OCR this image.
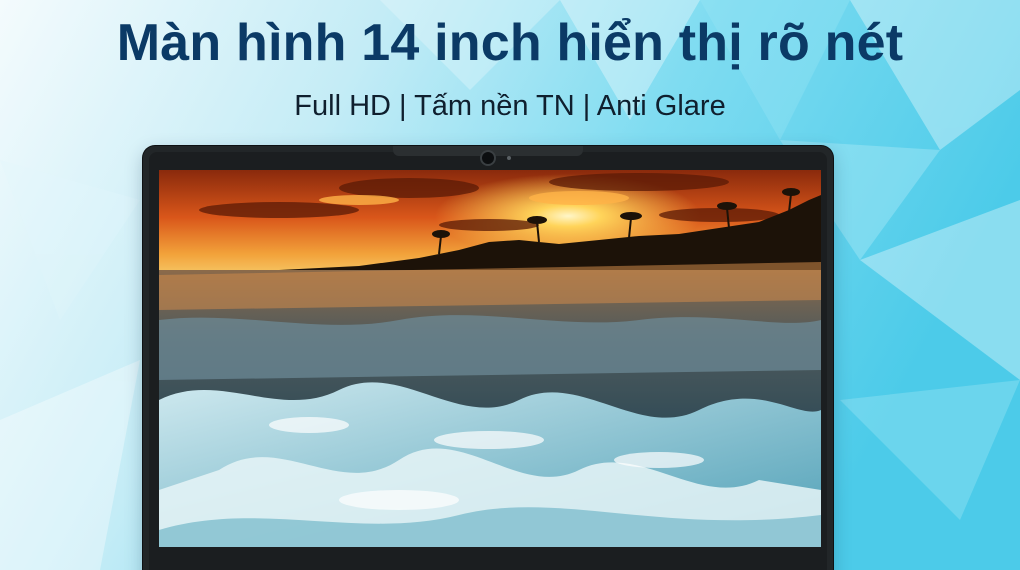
Màn hình 14 inch hiển thị rõ nét
Full HD | Tấm nền TN | Anti Glare
